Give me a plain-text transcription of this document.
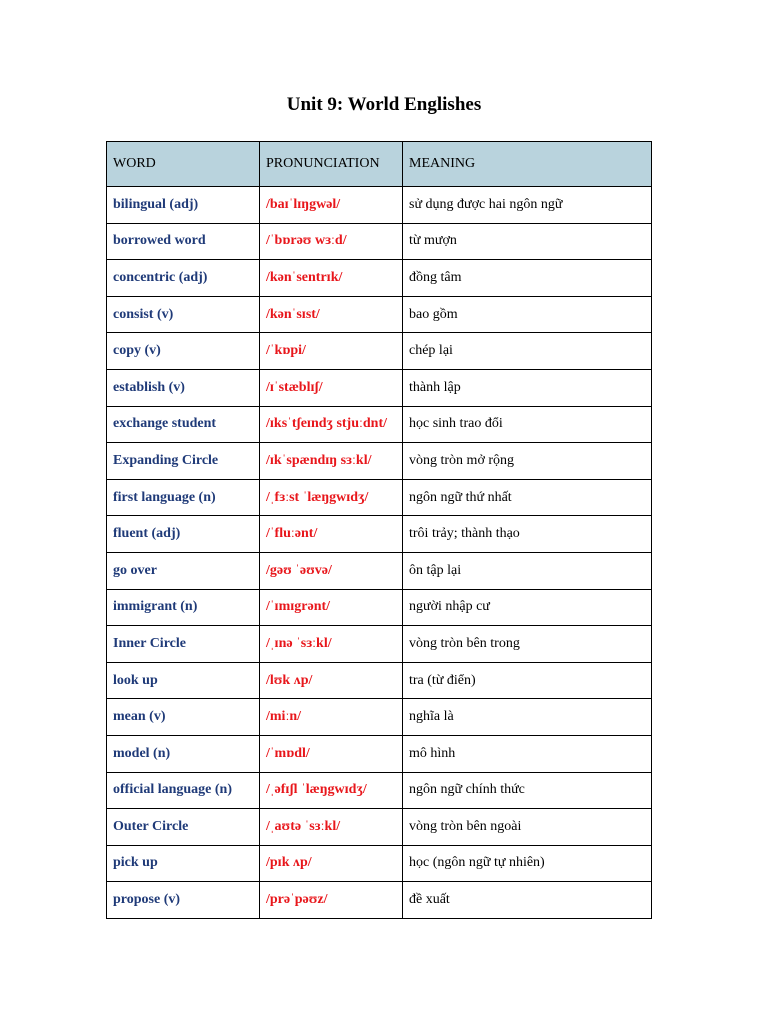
Unit 9: World Englishes
WORD	PRONUNCIATION	MEANING
bilingual (adj)	/baɪˈlɪŋgwəl/	sử dụng được hai ngôn ngữ
borrowed word	/ˈbɒrəʊ wɜːd/	từ mượn
concentric (adj)	/kənˈsentrɪk/	đồng tâm
consist (v)	/kənˈsɪst/	bao gồm
copy (v)	/ˈkɒpi/	chép lại
establish (v)	/ɪˈstæblɪʃ/	thành lập
exchange student	/ɪksˈtʃeɪndʒ stjuːdnt/	học sinh trao đổi
Expanding Circle	/ɪkˈspændɪŋ sɜːkl/	vòng tròn mở rộng
first language (n)	/ˌfɜːst ˈlæŋgwɪdʒ/	ngôn ngữ thứ nhất
fluent (adj)	/ˈfluːənt/	trôi trảy; thành thạo
go over	/gəʊ ˈəʊvə/	ôn tập lại
immigrant (n)	/ˈɪmɪgrənt/	người nhập cư
Inner Circle	/ˌɪnə ˈsɜːkl/	vòng tròn bên trong
look up	/lʊk ʌp/	tra (từ điển)
mean (v)	/miːn/	nghĩa là
model (n)	/ˈmɒdl/	mô hình
official language (n)	/ˌəfɪʃl ˈlæŋgwɪdʒ/	ngôn ngữ chính thức
Outer Circle	/ˌaʊtə ˈsɜːkl/	vòng tròn bên ngoài
pick up	/pɪk ʌp/	học (ngôn ngữ tự nhiên)
propose (v)	/prəˈpəʊz/	đề xuất
